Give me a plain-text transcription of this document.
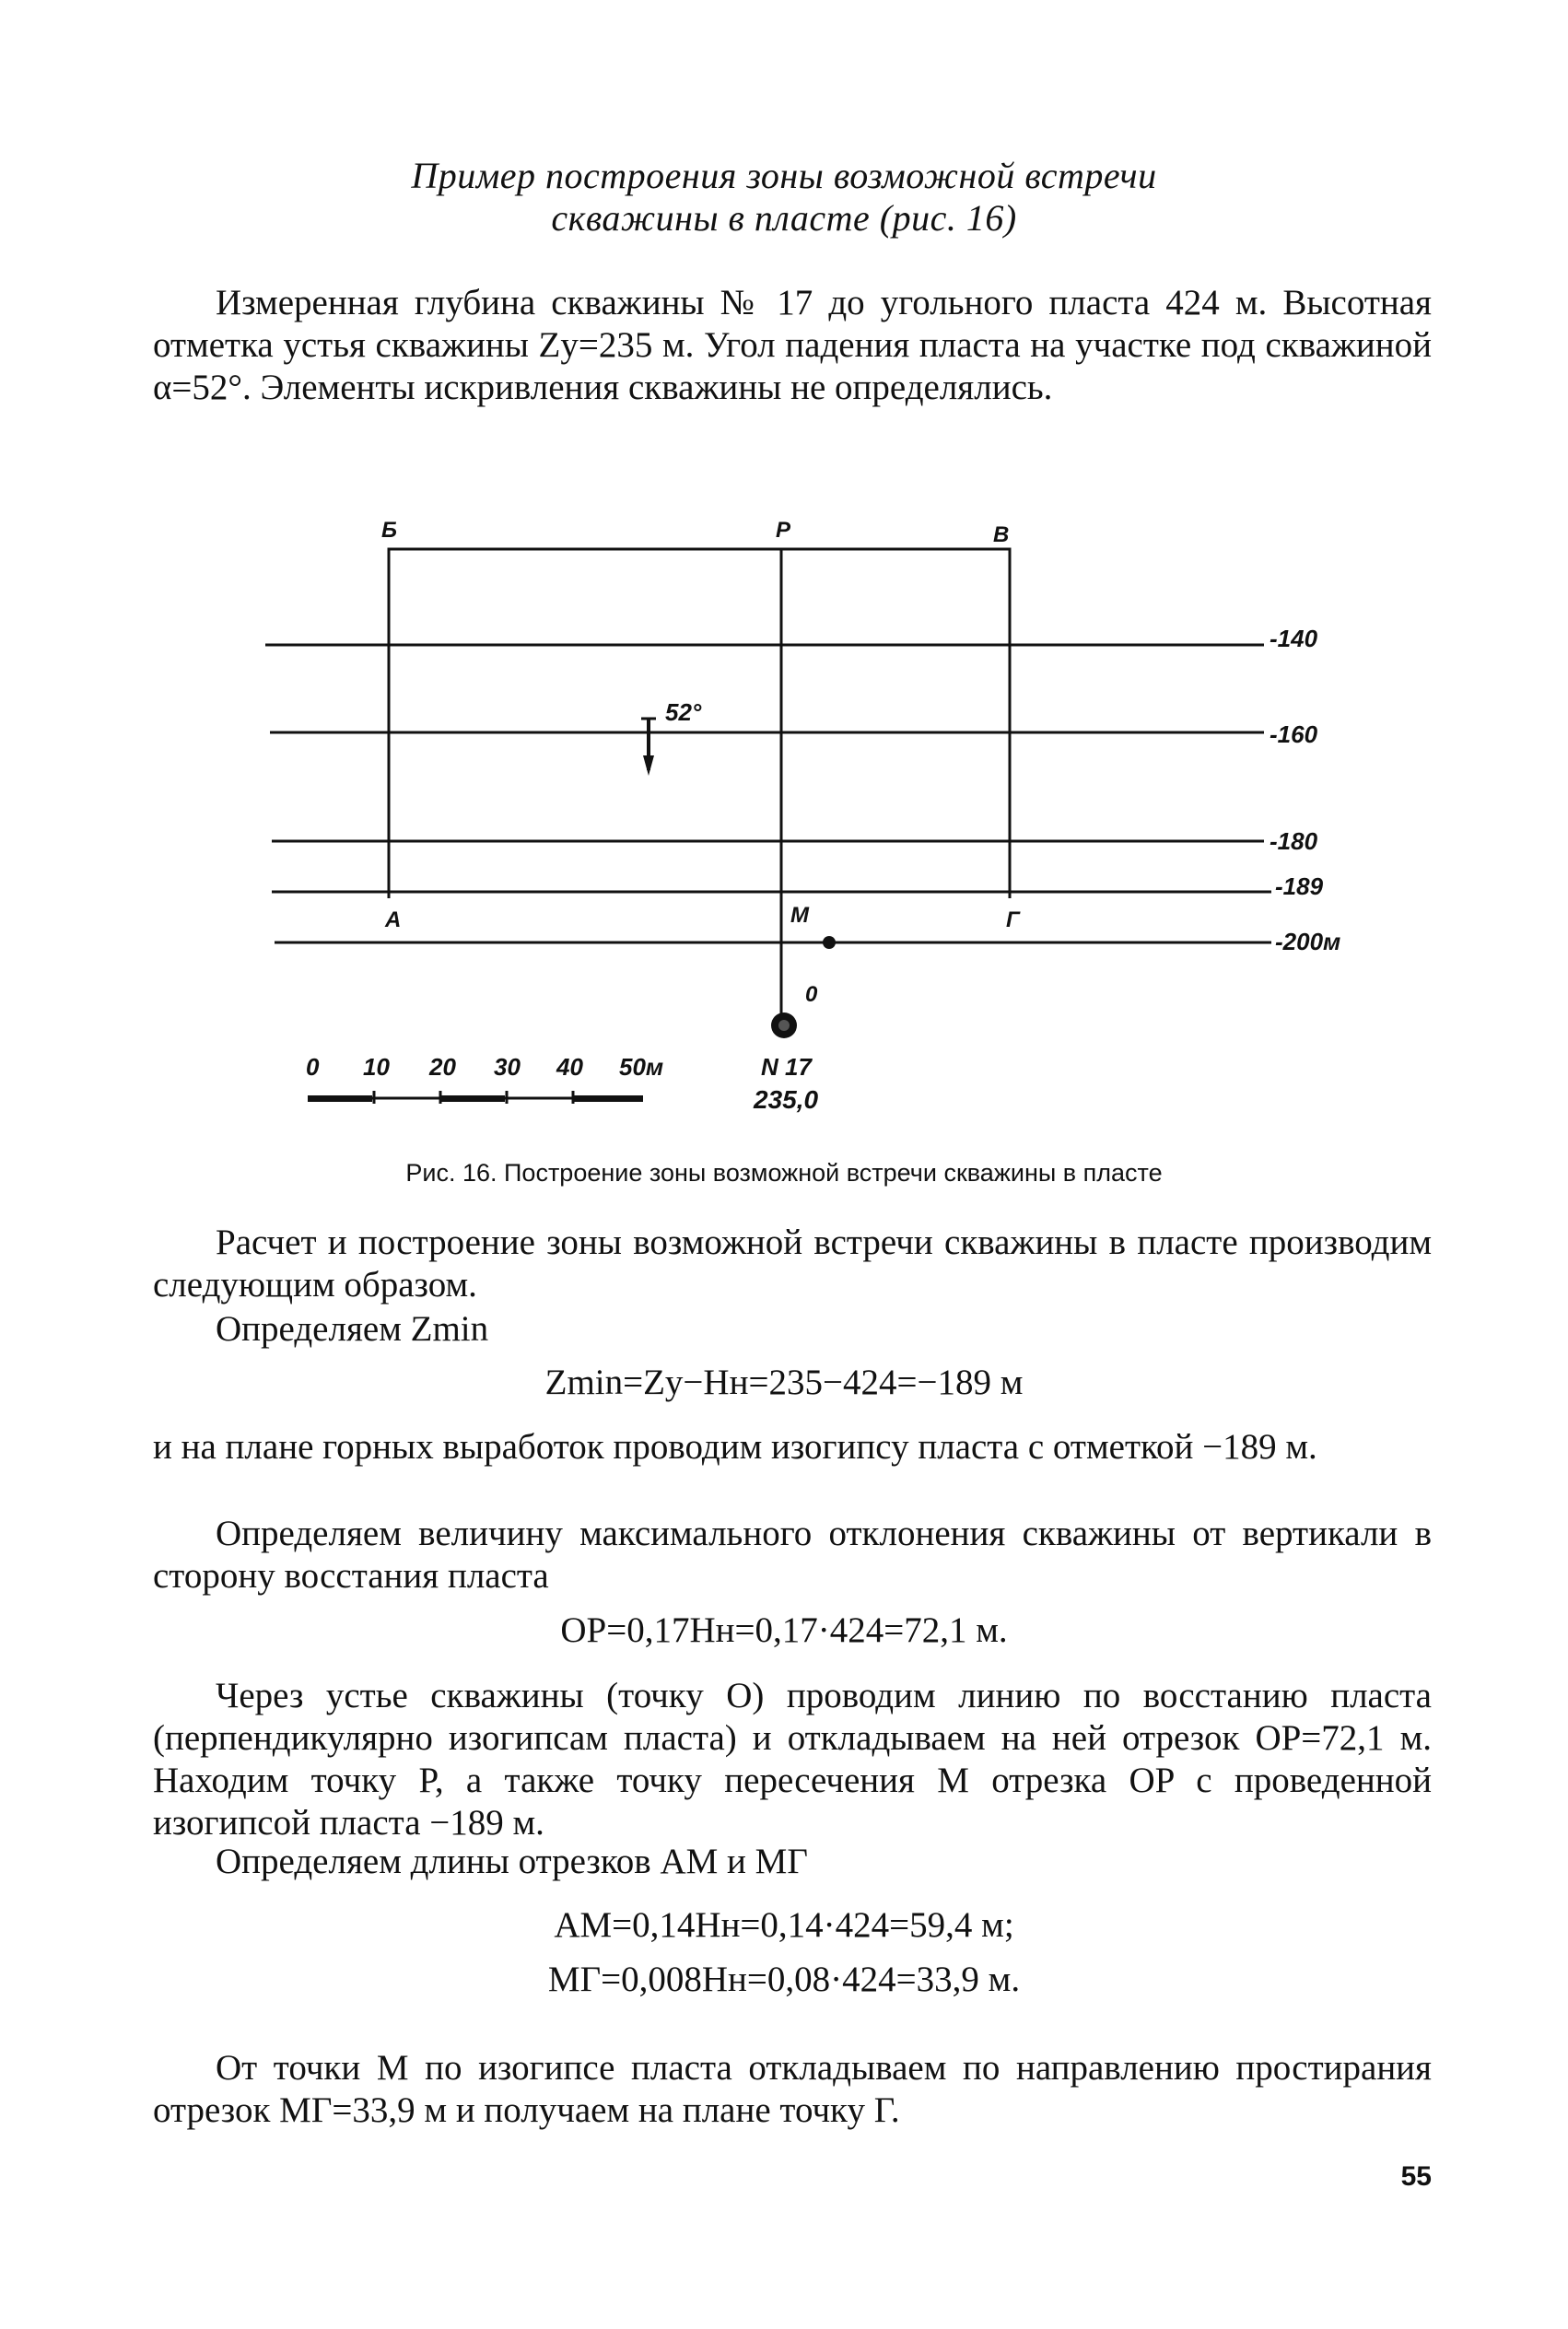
Пример построения зоны возможной встречи
скважины в пласте (рис. 16)
Измеренная глубина скважины № 17 до угольного пласта 424 м. Высотная отметка устья скважины Zу=235 м. Угол падения пласта на участке под скважиной α=52°. Элементы искривления скважины не определялись.
52°
Б	Р	В
А	М	Г
0
-140
-160
-180
-189
-200м
0 10 20 30 40 50м	N 17
235,0
Рис. 16. Построение зоны возможной встречи скважины в пласте
Расчет и построение зоны возможной встречи скважины в пласте производим следующим образом.
Определяем Zmin
Zmin=Zу−Hн=235−424=−189 м
и на плане горных выработок проводим изогипсу пласта с отметкой −189 м.
Определяем величину максимального отклонения скважины от вертикали в сторону восстания пласта
OP=0,17Hн=0,17·424=72,1 м.
Через устье скважины (точку O) проводим линию по восстанию пласта (перпендикулярно изогипсам пласта) и откладываем на ней отрезок OP=72,1 м. Находим точку P, а также точку пересечения M отрезка OP с проведенной изогипсой пласта −189 м.
Определяем длины отрезков AM и MГ
AM=0,14Hн=0,14·424=59,4 м;
MГ=0,008Hн=0,08·424=33,9 м.
От точки M по изогипсе пласта откладываем по направлению простирания отрезок MГ=33,9 м и получаем на плане точку Г.
55
